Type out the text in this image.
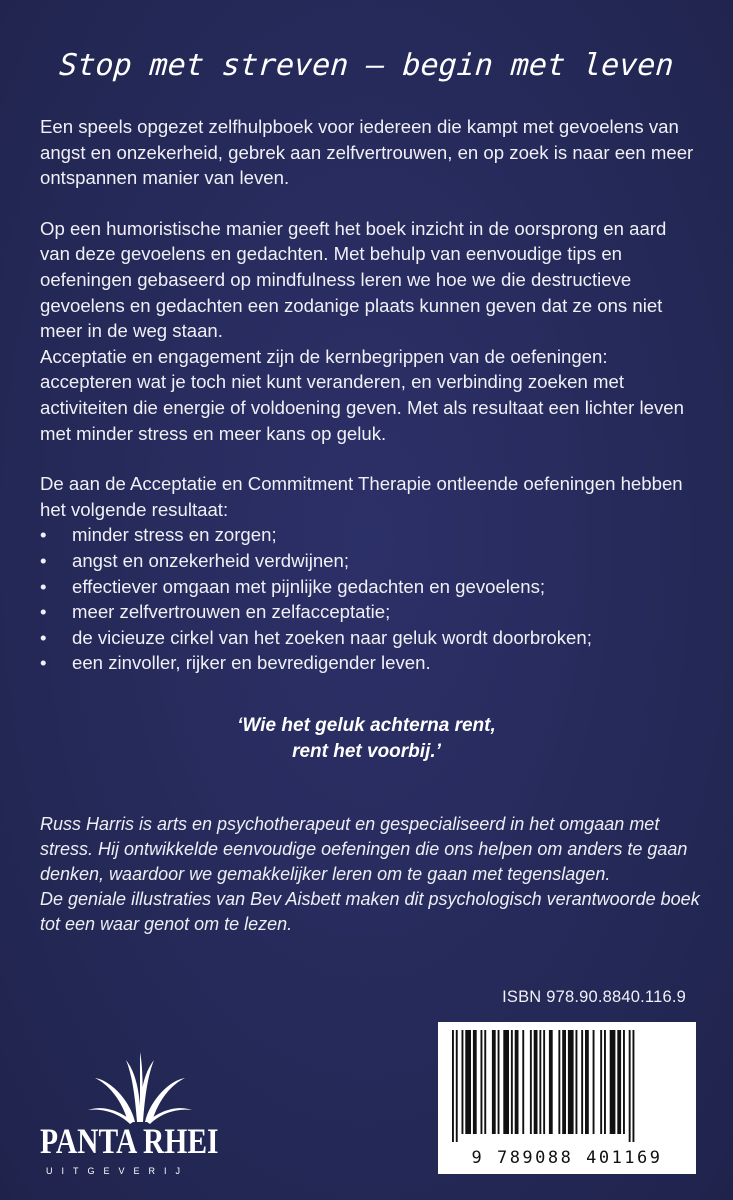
Stop met streven – begin met leven

Een speels opgezet zelfhulpboek voor iedereen die kampt met gevoelens van angst en onzekerheid, gebrek aan zelfvertrouwen, en op zoek is naar een meer ontspannen manier van leven.

Op een humoristische manier geeft het boek inzicht in de oorsprong en aard van deze gevoelens en gedachten. Met behulp van eenvoudige tips en oefeningen gebaseerd op mindfulness leren we hoe we die destructieve gevoelens en gedachten een zodanige plaats kunnen geven dat ze ons niet meer in de weg staan.

Acceptatie en engagement zijn de kernbegrippen van de oefeningen: accepteren wat je toch niet kunt veranderen, en verbinding zoeken met activiteiten die energie of voldoening geven. Met als resultaat een lichter leven met minder stress en meer kans op geluk.

De aan de Acceptatie en Commitment Therapie ontleende oefeningen hebben het volgende resultaat:

• minder stress en zorgen;
• angst en onzekerheid verdwijnen;
• effectiever omgaan met pijnlijke gedachten en gevoelens;
• meer zelfvertrouwen en zelfacceptatie;
• de vicieuze cirkel van het zoeken naar geluk wordt doorbroken;
• een zinvoller, rijker en bevredigender leven.
‘Wie het geluk achterna rent,
rent het voorbij.’

Russ Harris is arts en psychotherapeut en gespecialiseerd in het omgaan met stress. Hij ontwikkelde eenvoudige oefeningen die ons helpen om anders te gaan denken, waardoor we gemakkelijker leren om te gaan met tegenslagen.

De geniale illustraties van Bev Aisbett maken dit psychologisch verantwoorde boek tot een waar genot om te lezen.

ISBN 978.90.8840.116.9
9 789088 401169
PANTA RHEI
UITGEVERIJ
